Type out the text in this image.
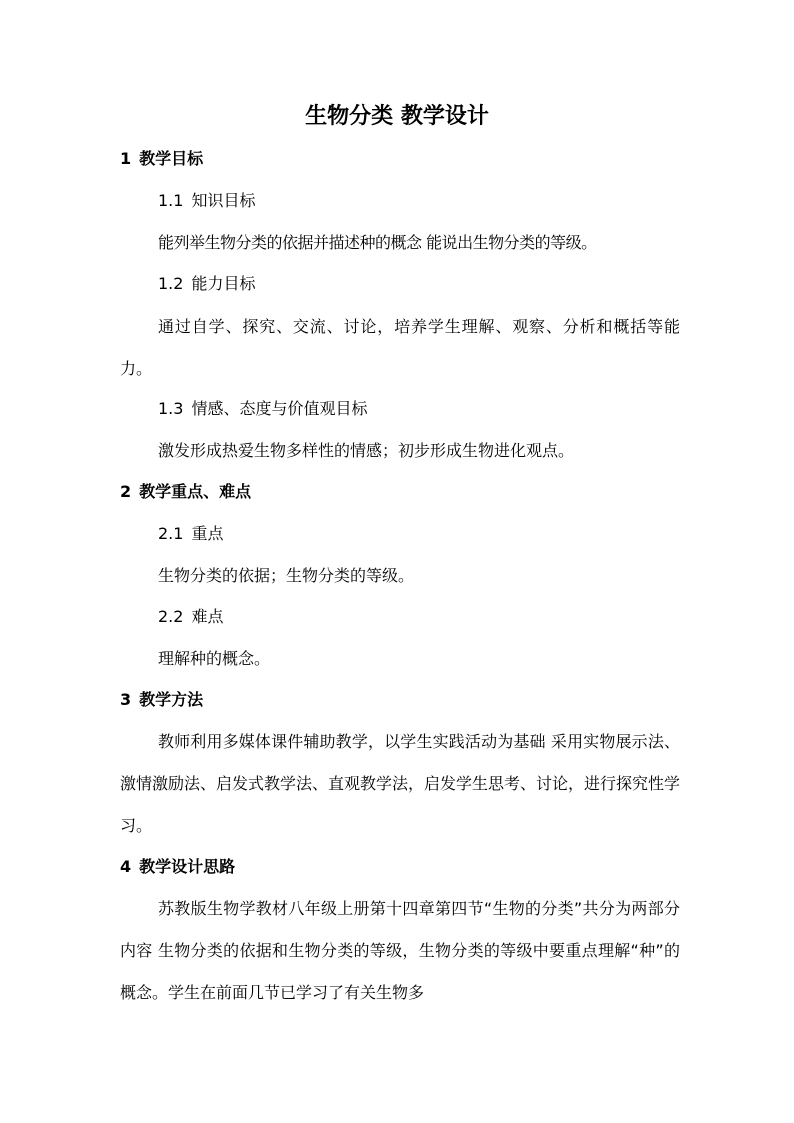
生物分类 教学设计
1 教学目标
1.1 知识目标

能列举生物分类的依据并描述种的概念 能说出生物分类的等级。

1.2 能力目标

通过自学、探究、交流、讨论，培养学生理解、观察、分析和概括等能力。

1.3 情感、态度与价值观目标

激发形成热爱生物多样性的情感；初步形成生物进化观点。

2 教学重点、难点
2.1 重点

生物分类的依据；生物分类的等级。

2.2 难点

理解种的概念。

3 教学方法

教师利用多媒体课件辅助教学，以学生实践活动为基础 采用实物展示法、激情激励法、启发式教学法、直观教学法，启发学生思考、讨论，进行探究性学习。

4 教学设计思路

苏教版生物学教材八年级上册第十四章第四节“生物的分类”共分为两部分内容 生物分类的依据和生物分类的等级，生物分类的等级中要重点理解“种”的概念。学生在前面几节已学习了有关生物多
